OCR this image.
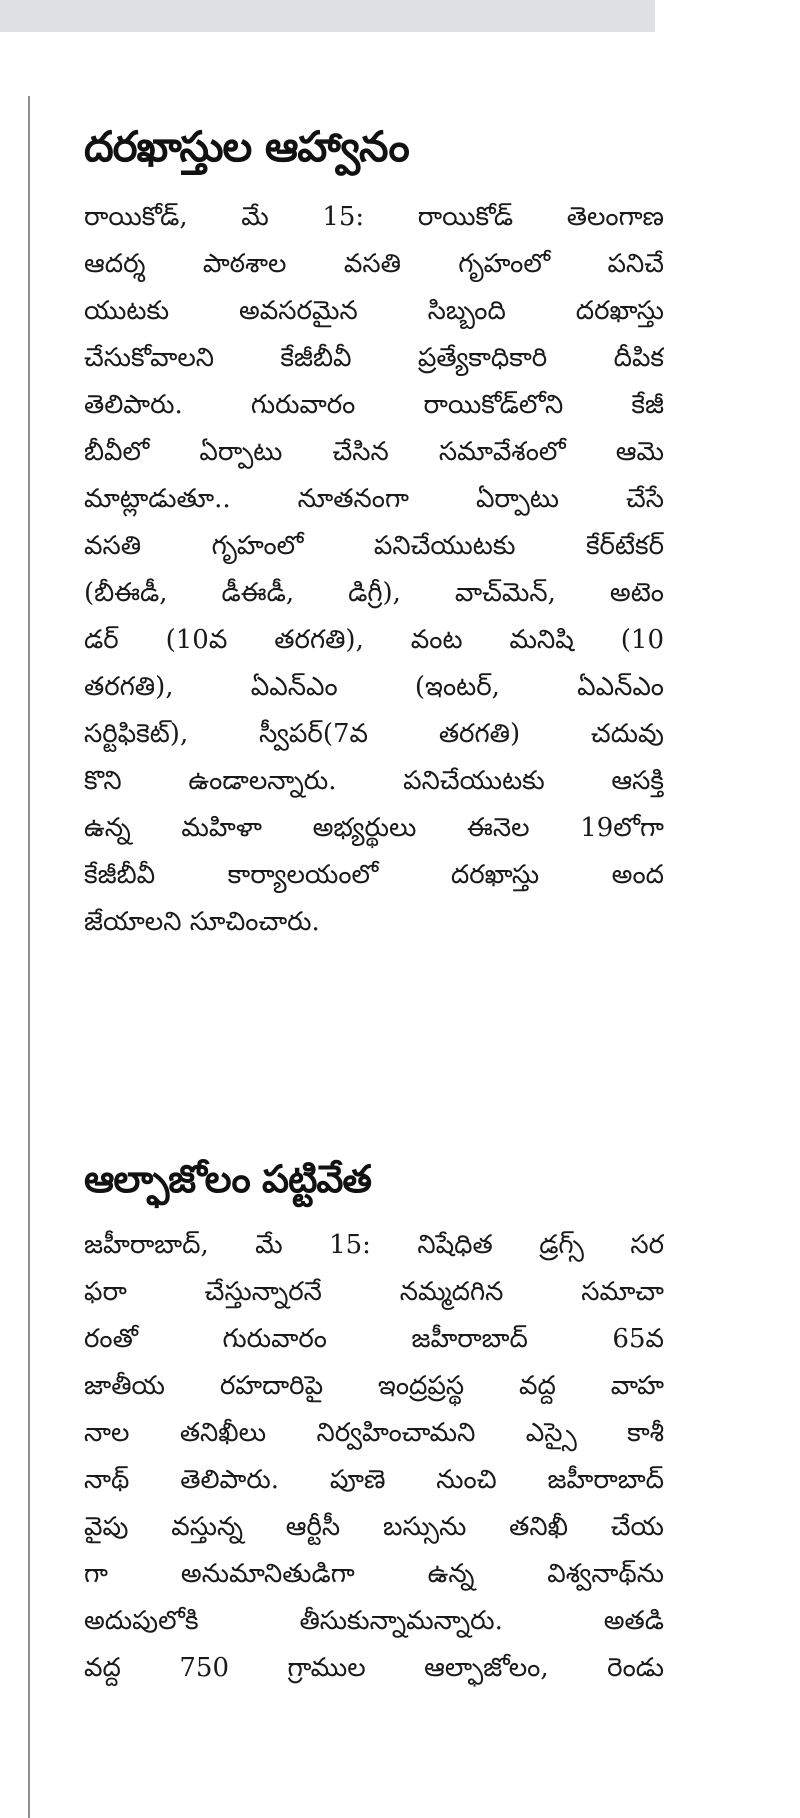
దరఖాస్తుల ఆహ్వానం
రాయికోడ్, మే 15: రాయికోడ్ తెలంగాణ
ఆదర్శ పాఠశాల వసతి గృహంలో పనిచే
యుటకు అవసరమైన సిబ్బంది దరఖాస్తు
చేసుకోవాలని కేజీబీవీ ప్రత్యేకాధికారి దీపిక
తెలిపారు. గురువారం రాయికోడ్‌లోని కేజీ
బీవీలో ఏర్పాటు చేసిన సమావేశంలో ఆమె
మాట్లాడుతూ.. నూతనంగా ఏర్పాటు చేసే
వసతి గృహంలో పనిచేయుటకు కేర్‌టేకర్
(బీఈడీ, డీఈడీ, డిగ్రీ), వాచ్‌మెన్, అటెం
డర్ (10వ తరగతి), వంట మనిషి (10
తరగతి), ఏఎన్ఎం (ఇంటర్, ఏఎన్ఎం
సర్టిఫికెట్), స్వీపర్(7వ తరగతి) చదువు
కొని ఉండాలన్నారు. పనిచేయుటకు ఆసక్తి
ఉన్న మహిళా అభ్యర్థులు ఈనెల 19లోగా
కేజీబీవీ కార్యాలయంలో దరఖాస్తు అంద
జేయాలని సూచించారు.
ఆల్ఫాజోలం పట్టివేత
జహీరాబాద్, మే 15: నిషేధిత డ్రగ్స్ సర
ఫరా చేస్తున్నారనే నమ్మదగిన సమాచా
రంతో గురువారం జహీరాబాద్ 65వ
జాతీయ రహదారిపై ఇంద్రప్రస్థ వద్ద వాహ
నాల తనిఖీలు నిర్వహించామని ఎస్సై కాశీ
నాథ్ తెలిపారు. పూణె నుంచి జహీరాబాద్
వైపు వస్తున్న ఆర్టీసీ బస్సును తనిఖీ చేయ
గా అనుమానితుడిగా ఉన్న విశ్వనాథ్‌ను
అదుపులోకి తీసుకున్నామన్నారు. అతడి
వద్ద 750 గ్రాముల ఆల్ఫాజోలం, రెండు
